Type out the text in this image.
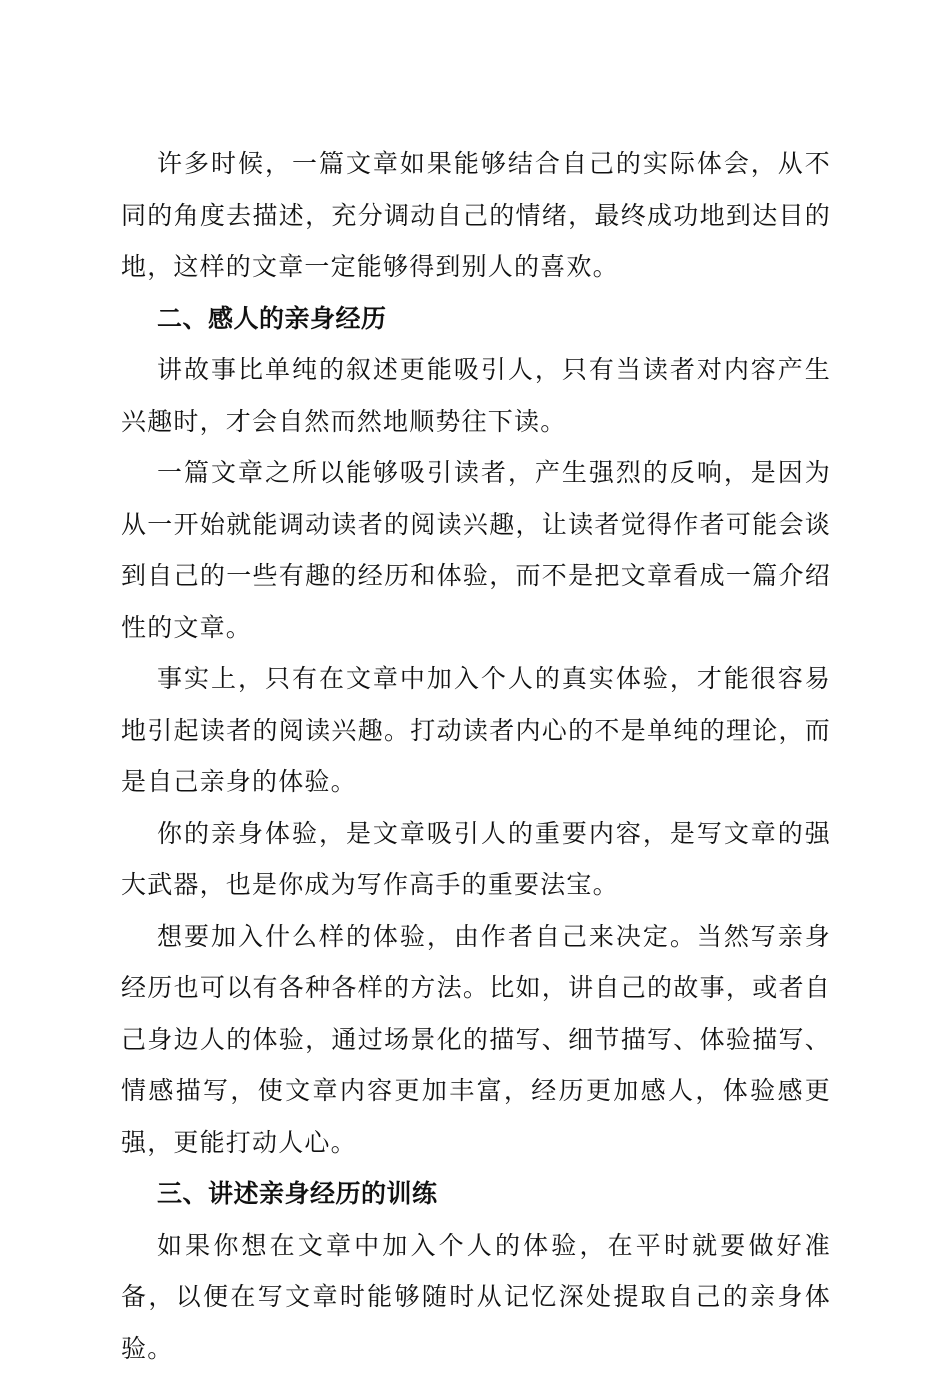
许多时候，一篇文章如果能够结合自己的实际体会，从不同的角度去描述，充分调动自己的情绪，最终成功地到达目的地，这样的文章一定能够得到别人的喜欢。

二、感人的亲身经历

讲故事比单纯的叙述更能吸引人，只有当读者对内容产生兴趣时，才会自然而然地顺势往下读。

一篇文章之所以能够吸引读者，产生强烈的反响，是因为从一开始就能调动读者的阅读兴趣，让读者觉得作者可能会谈到自己的一些有趣的经历和体验，而不是把文章看成一篇介绍性的文章。

事实上，只有在文章中加入个人的真实体验，才能很容易地引起读者的阅读兴趣。打动读者内心的不是单纯的理论，而是自己亲身的体验。

你的亲身体验，是文章吸引人的重要内容，是写文章的强大武器，也是你成为写作高手的重要法宝。

想要加入什么样的体验，由作者自己来决定。当然写亲身经历也可以有各种各样的方法。比如，讲自己的故事，或者自己身边人的体验，通过场景化的描写、细节描写、体验描写、情感描写，使文章内容更加丰富，经历更加感人，体验感更强，更能打动人心。

三、讲述亲身经历的训练

如果你想在文章中加入个人的体验，在平时就要做好准备，以便在写文章时能够随时从记忆深处提取自己的亲身体验。
